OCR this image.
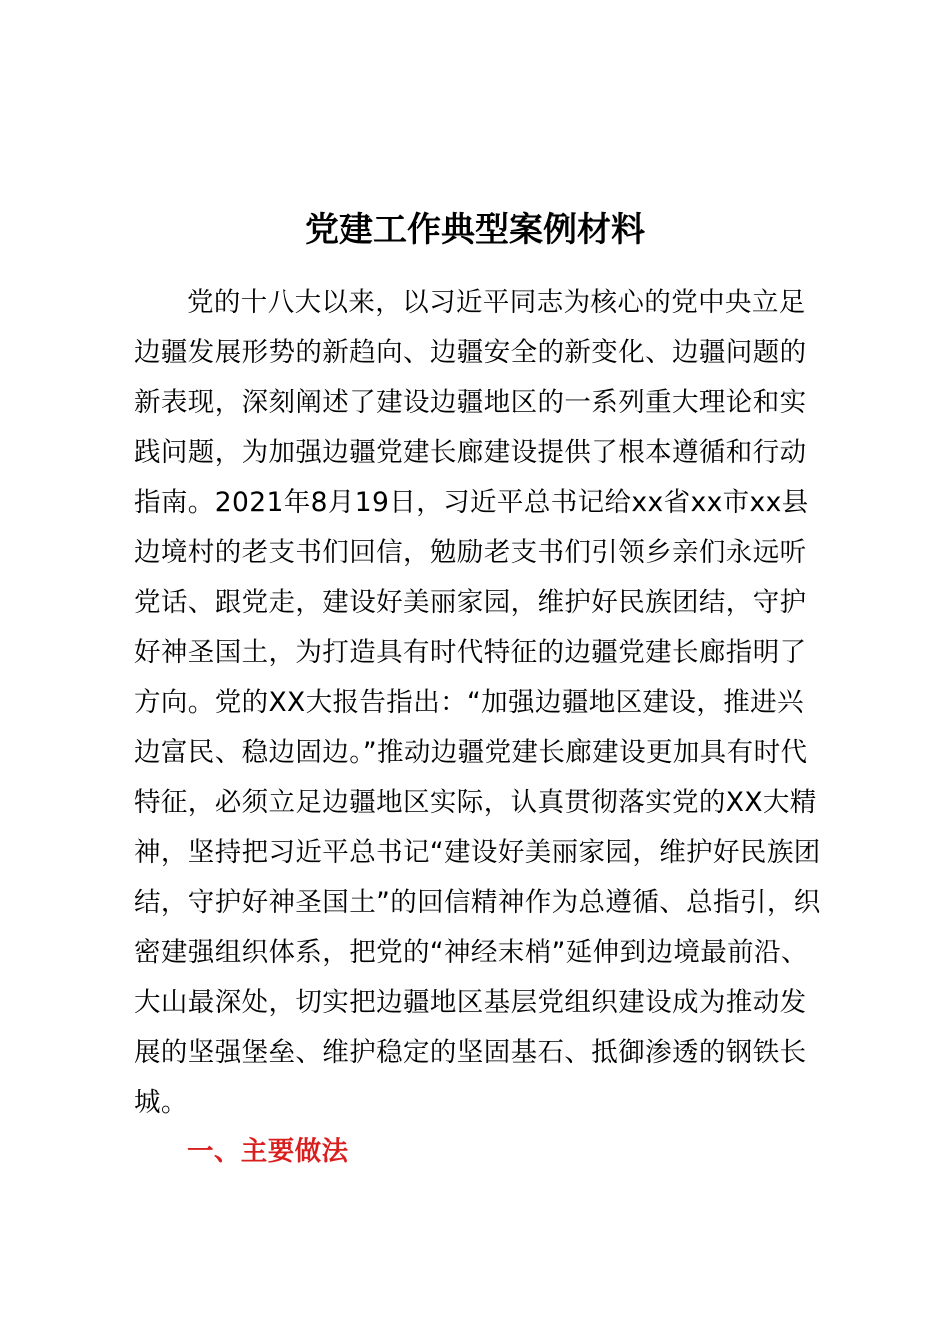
党建工作典型案例材料
党的十八大以来，以习近平同志为核心的党中央立足
边疆发展形势的新趋向、边疆安全的新变化、边疆问题的
新表现，深刻阐述了建设边疆地区的一系列重大理论和实
践问题，为加强边疆党建长廊建设提供了根本遵循和行动
指南。2021年8月19日，习近平总书记给xx省xx市xx县
边境村的老支书们回信，勉励老支书们引领乡亲们永远听
党话、跟党走，建设好美丽家园，维护好民族团结，守护
好神圣国土，为打造具有时代特征的边疆党建长廊指明了
方向。党的XX大报告指出：“加强边疆地区建设，推进兴
边富民、稳边固边。”推动边疆党建长廊建设更加具有时代
特征，必须立足边疆地区实际，认真贯彻落实党的XX大精
神，坚持把习近平总书记“建设好美丽家园，维护好民族团
结，守护好神圣国土”的回信精神作为总遵循、总指引，织
密建强组织体系，把党的“神经末梢”延伸到边境最前沿、
大山最深处，切实把边疆地区基层党组织建设成为推动发
展的坚强堡垒、维护稳定的坚固基石、抵御渗透的钢铁长
城。
一、主要做法
